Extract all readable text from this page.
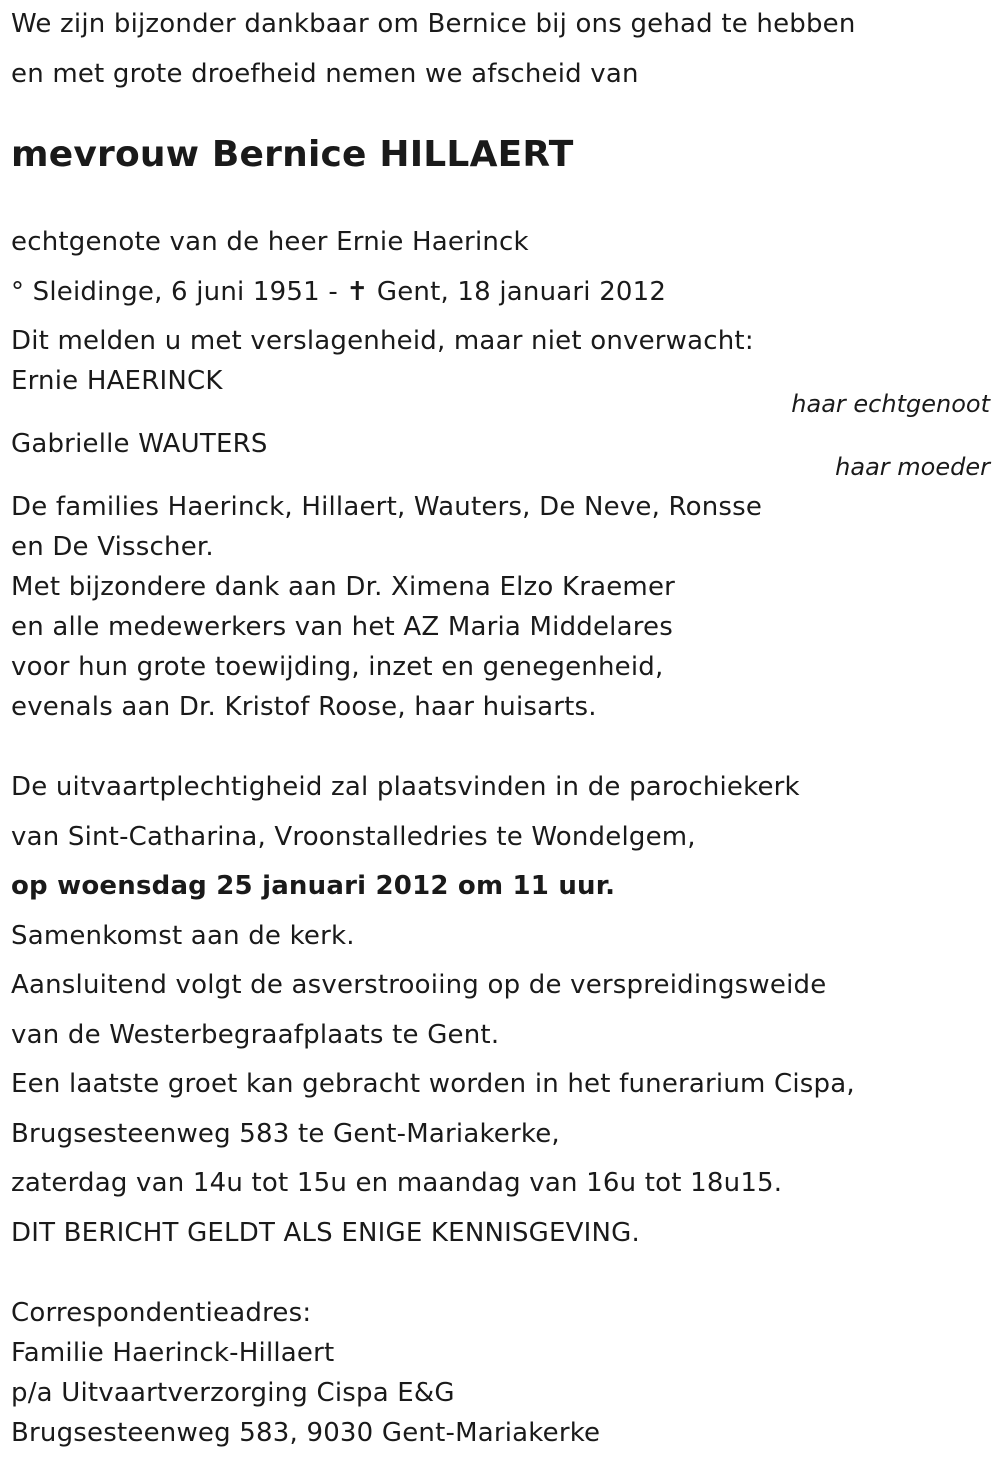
We zijn bijzonder dankbaar om Bernice bij ons gehad te hebben
en met grote droefheid nemen we afscheid van
mevrouw Bernice HILLAERT
echtgenote van de heer Ernie Haerinck
° Sleidinge, 6 juni 1951 - ✝ Gent, 18 januari 2012
Dit melden u met verslagenheid, maar niet onverwacht:
Ernie HAERINCK
haar echtgenoot
Gabrielle WAUTERS
haar moeder
De families Haerinck, Hillaert, Wauters, De Neve, Ronsse
en De Visscher.
Met bijzondere dank aan Dr. Ximena Elzo Kraemer
en alle medewerkers van het AZ Maria Middelares
voor hun grote toewijding, inzet en genegenheid,
evenals aan Dr. Kristof Roose, haar huisarts.
De uitvaartplechtigheid zal plaatsvinden in de parochiekerk
van Sint-Catharina, Vroonstalledries te Wondelgem,
op woensdag 25 januari 2012 om 11 uur.
Samenkomst aan de kerk.
Aansluitend volgt de asverstrooiing op de verspreidingsweide
van de Westerbegraafplaats te Gent.
Een laatste groet kan gebracht worden in het funerarium Cispa,
Brugsesteenweg 583 te Gent-Mariakerke,
zaterdag van 14u tot 15u en maandag van 16u tot 18u15.
DIT BERICHT GELDT ALS ENIGE KENNISGEVING.
Correspondentieadres:
Familie Haerinck-Hillaert
p/a Uitvaartverzorging Cispa E&G
Brugsesteenweg 583, 9030 Gent-Mariakerke
